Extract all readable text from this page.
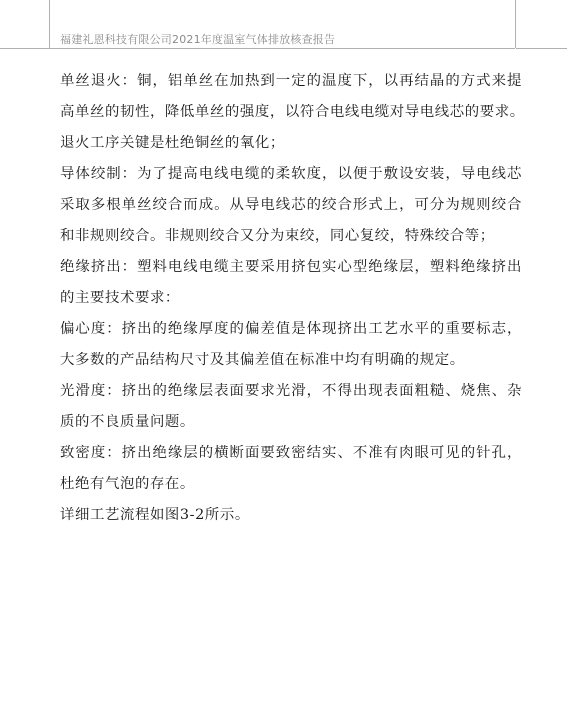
福建礼恩科技有限公司2021年度温室气体排放核查报告

单丝退火：铜，铝单丝在加热到一定的温度下，以再结晶的方式来提
高单丝的韧性，降低单丝的强度，以符合电线电缆对导电线芯的要求。
退火工序关键是杜绝铜丝的氧化；

导体绞制：为了提高电线电缆的柔软度，以便于敷设安装，导电线芯
采取多根单丝绞合而成。从导电线芯的绞合形式上，可分为规则绞合
和非规则绞合。非规则绞合又分为束绞，同心复绞，特殊绞合等；

绝缘挤出：塑料电线电缆主要采用挤包实心型绝缘层，塑料绝缘挤出
的主要技术要求：

偏心度：挤出的绝缘厚度的偏差值是体现挤出工艺水平的重要标志，
大多数的产品结构尺寸及其偏差值在标准中均有明确的规定。

光滑度：挤出的绝缘层表面要求光滑，不得出现表面粗糙、烧焦、杂
质的不良质量问题。

致密度：挤出绝缘层的横断面要致密结实、不准有肉眼可见的针孔，
杜绝有气泡的存在。

详细工艺流程如图3-2所示。
